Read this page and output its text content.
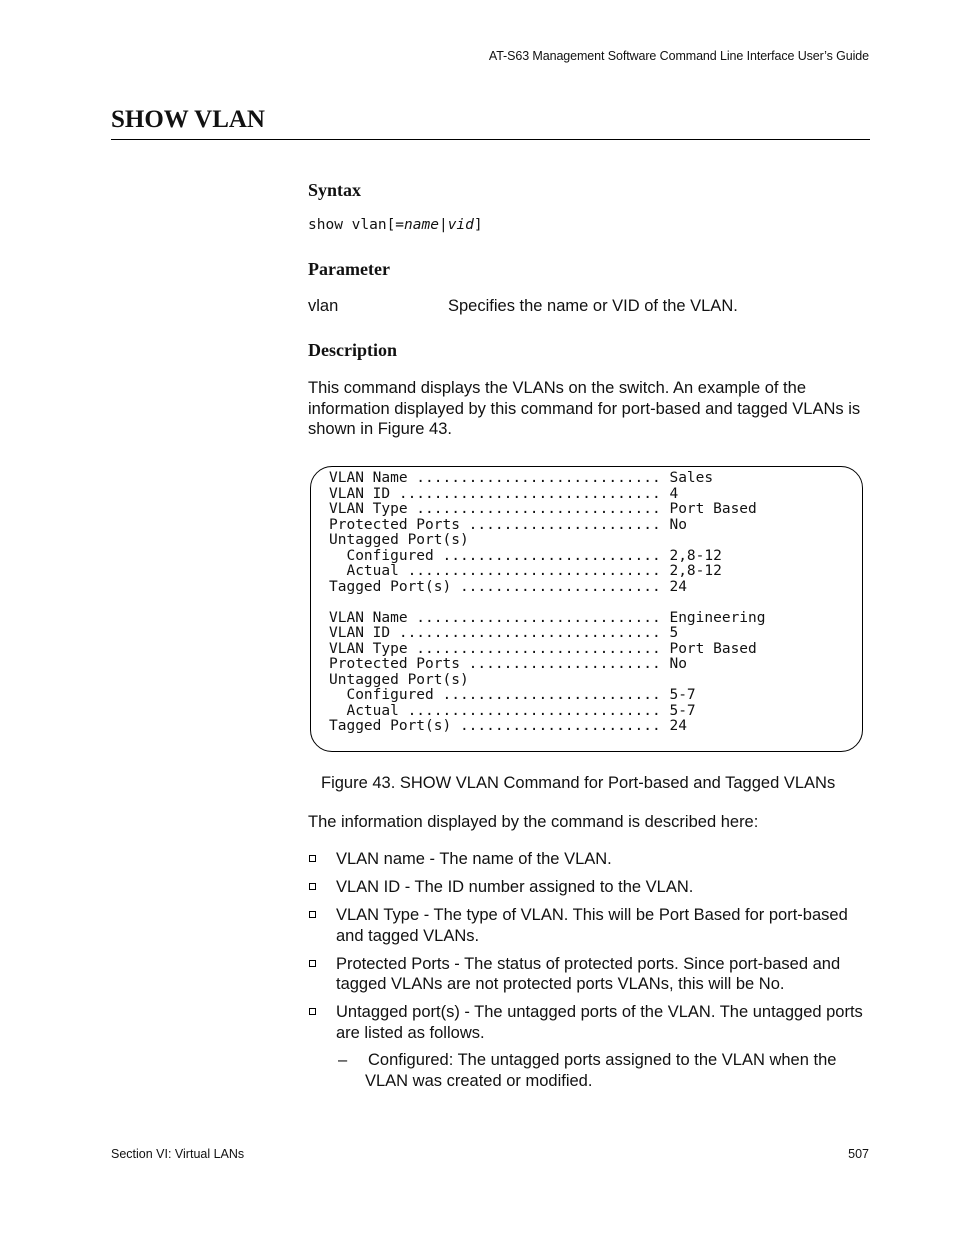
AT-S63 Management Software Command Line Interface User’s Guide
SHOW VLAN
Syntax
show vlan[=name|vid]
Parameter
vlan	Specifies the name or VID of the VLAN.
Description

This command displays the VLANs on the switch. An example of the information displayed by this command for port-based and tagged VLANs is shown in Figure 43.

VLAN Name ............................ Sales
VLAN ID .............................. 4
VLAN Type ............................ Port Based
Protected Ports ...................... No
Untagged Port(s)
Configured ......................... 2,8-12
Actual ............................. 2,8-12
Tagged Port(s) ....................... 24

VLAN Name ............................ Engineering
VLAN ID .............................. 5
VLAN Type ............................ Port Based
Protected Ports ...................... No
Untagged Port(s)
Configured ......................... 5-7
Actual ............................. 5-7
Tagged Port(s) ....................... 24
Figure 43. SHOW VLAN Command for Port-based and Tagged VLANs
The information displayed by the command is described here:
VLAN name - The name of the VLAN.
VLAN ID - The ID number assigned to the VLAN.
VLAN Type - The type of VLAN. This will be Port Based for port-based and tagged VLANs.
Protected Ports - The status of protected ports. Since port-based and tagged VLANs are not protected ports VLANs, this will be No.
Untagged port(s) - The untagged ports of the VLAN. The untagged ports are listed as follows.
–	Configured: The untagged ports assigned to the VLAN when the VLAN was created or modified.
Section VI: Virtual LANs	507
